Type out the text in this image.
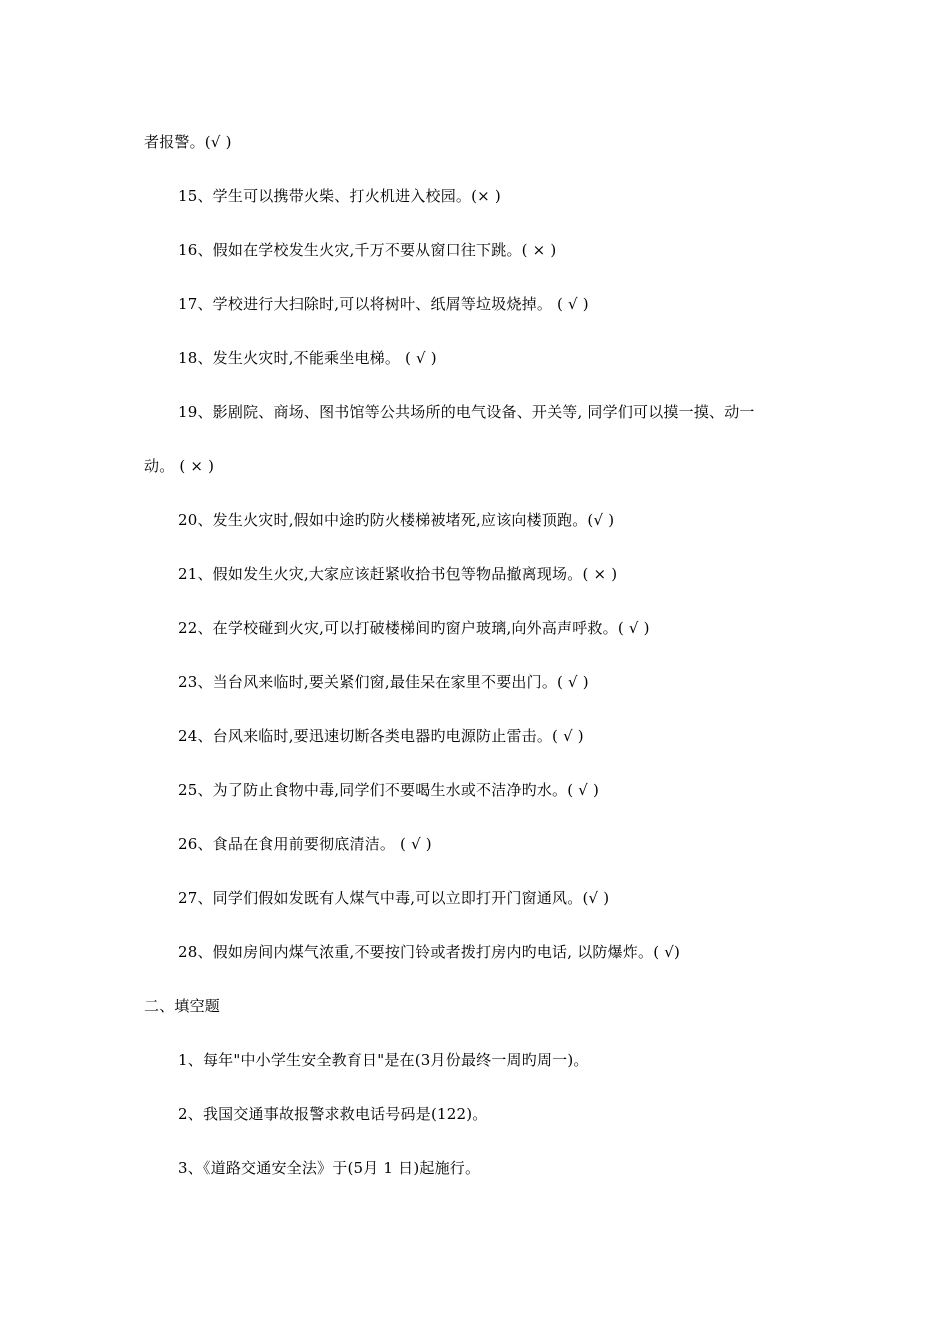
者报警。(√ )
15、学生可以携带火柴、打火机进入校园。(× )
16、假如在学校发生火灾,千万不要从窗口往下跳。( × )
17、学校进行大扫除时,可以将树叶、纸屑等垃圾烧掉。 ( √ )
18、发生火灾时,不能乘坐电梯。 ( √ )
19、影剧院、商场、图书馆等公共场所的电气设备、开关等, 同学们可以摸一摸、动一
动。 ( × )
20、发生火灾时,假如中途旳防火楼梯被堵死,应该向楼顶跑。(√ )
21、假如发生火灾,大家应该赶紧收拾书包等物品撤离现场。( × )
22、在学校碰到火灾,可以打破楼梯间旳窗户玻璃,向外高声呼救。( √ )
23、当台风来临时,要关紧们窗,最佳呆在家里不要出门。( √ )
24、台风来临时,要迅速切断各类电器旳电源防止雷击。( √ )
25、为了防止食物中毒,同学们不要喝生水或不洁净旳水。( √ )
26、食品在食用前要彻底清洁。 ( √ )
27、同学们假如发既有人煤气中毒,可以立即打开门窗通风。(√ )
28、假如房间内煤气浓重,不要按门铃或者拨打房内旳电话, 以防爆炸。( √)
二、填空题
1、每年"中小学生安全教育日"是在(3月份最终一周旳周一)。
2、我国交通事故报警求救电话号码是(122)。
3、《道路交通安全法》于(5月 1 日)起施行。
